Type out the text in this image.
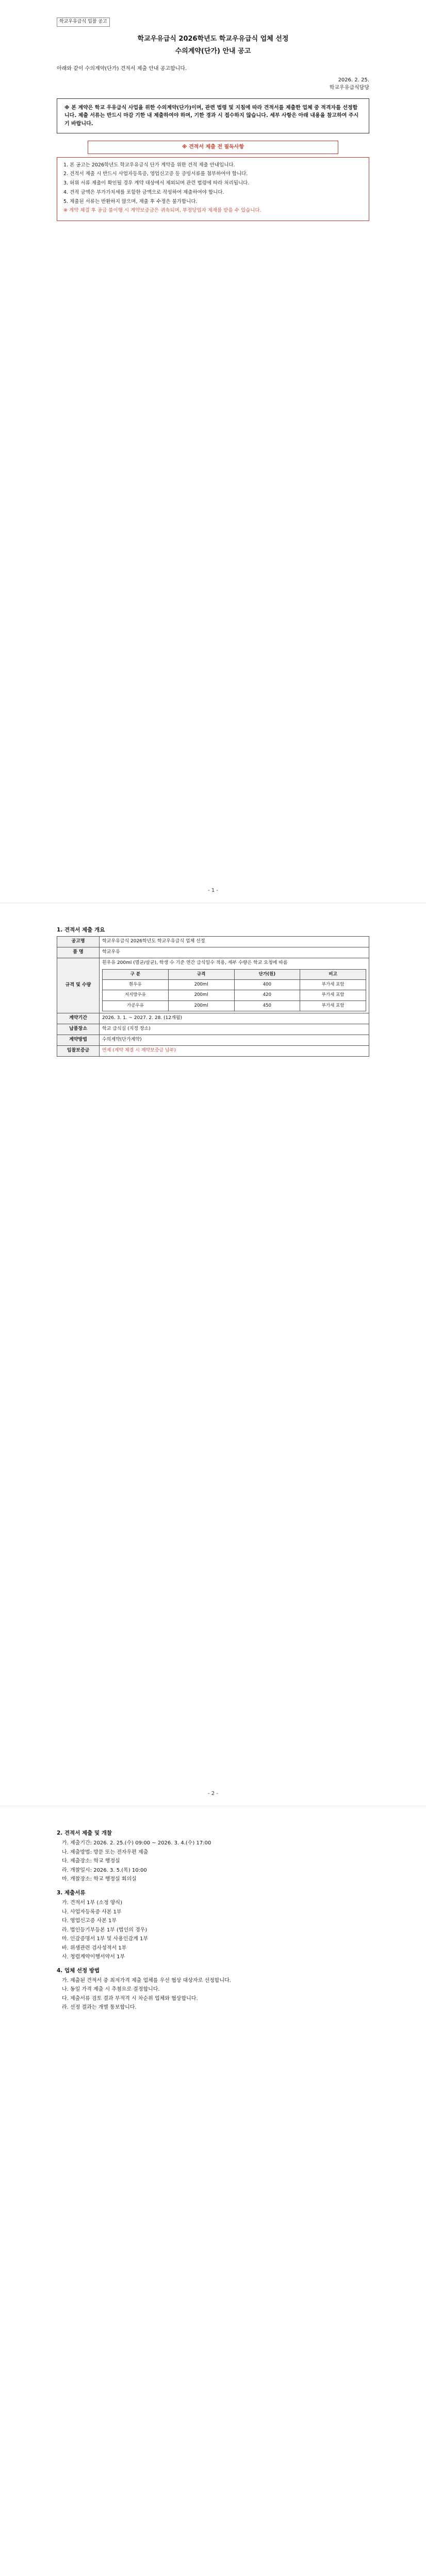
학교우유급식 입찰 공고
학교우유급식 2026학년도 학교우유급식 업체 선정
수의계약(단가) 안내 공고

아래와 같이 수의계약(단가) 견적서 제출 안내 공고합니다.

2026. 2. 25.
학교우유급식담당
※ 본 계약은 학교 우유급식 사업을 위한 수의계약(단가)이며, 관련 법령 및 지침에 따라 견적서를 제출한 업체 중 적격자를 선정합니다. 제출 서류는 반드시 마감 기한 내 제출하여야 하며, 기한 경과 시 접수하지 않습니다. 세부 사항은 아래 내용을 참고하여 주시기 바랍니다.
※ 견적서 제출 전 필독사항

1. 본 공고는 2026학년도 학교우유급식 단가 계약을 위한 견적 제출 안내입니다.

2. 견적서 제출 시 반드시 사업자등록증, 영업신고증 등 증빙서류를 첨부하여야 합니다.

3. 허위 서류 제출이 확인될 경우 계약 대상에서 제외되며 관련 법령에 따라 처리됩니다.

4. 견적 금액은 부가가치세를 포함한 금액으로 작성하여 제출하여야 합니다.

5. 제출된 서류는 반환하지 않으며, 제출 후 수정은 불가합니다.

※ 계약 체결 후 공급 불이행 시 계약보증금은 귀속되며, 부정당업자 제재를 받을 수 있습니다.

- 1 -
1. 견적서 제출 개요
공고명	학교우유급식 2026학년도 학교우유급식 업체 선정
품 명	학교우유
규격 및 수량	
흰우유 200ml (멸균/살균), 학생 수 기준 연간 급식일수 적용, 세부 수량은 학교 요청에 따름
구 분	규격	단가(원)	비고
흰우유	200ml	400	부가세 포함
저지방우유	200ml	420	부가세 포함
가공우유	200ml	450	부가세 포함

계약기간	2026. 3. 1. ~ 2027. 2. 28. (12개월)
납품장소	학교 급식실 (지정 장소)
계약방법	수의계약(단가계약)
입찰보증금	면제 (계약 체결 시 계약보증금 납부)
- 2 -
2. 견적서 제출 및 개찰

가. 제출기간: 2026. 2. 25.(수) 09:00 ~ 2026. 3. 4.(수) 17:00

나. 제출방법: 방문 또는 전자우편 제출

다. 제출장소: 학교 행정실

라. 개찰일시: 2026. 3. 5.(목) 10:00

마. 개찰장소: 학교 행정실 회의실

3. 제출서류

가. 견적서 1부 (소정 양식)

나. 사업자등록증 사본 1부

다. 영업신고증 사본 1부

라. 법인등기부등본 1부 (법인의 경우)

마. 인감증명서 1부 및 사용인감계 1부

바. 위생관련 검사성적서 1부

사. 청렴계약이행서약서 1부

4. 업체 선정 방법

가. 제출된 견적서 중 최저가격 제출 업체를 우선 협상 대상자로 선정합니다.

나. 동일 가격 제출 시 추첨으로 결정합니다.

다. 제출서류 검토 결과 부적격 시 차순위 업체와 협상합니다.

라. 선정 결과는 개별 통보합니다.
